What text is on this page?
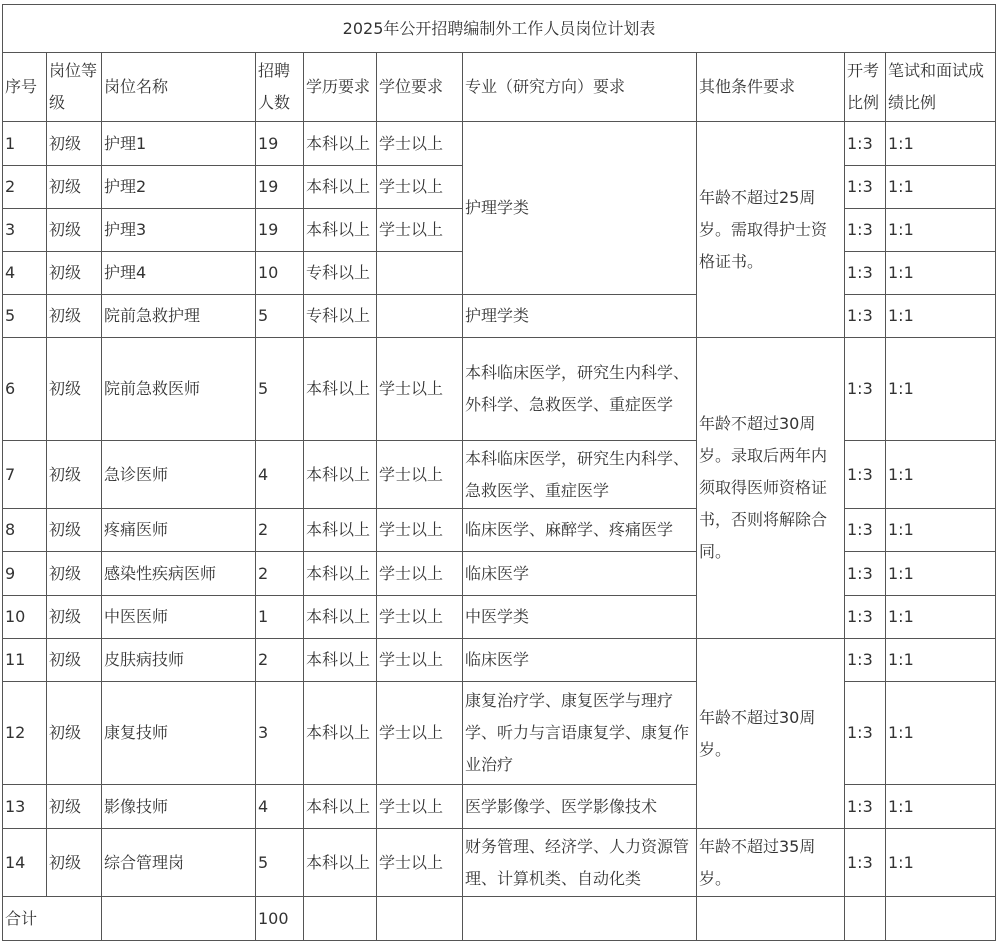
2025年公开招聘编制外工作人员岗位计划表									
序号	岗位等级	岗位名称	招聘人数	学历要求	学位要求	专业（研究方向）要求	其他条件要求	开考比例	笔试和面试成绩比例
1	初级	护理1	19	本科以上	学士以上	护理学类	年龄不超过25周岁。需取得护士资格证书。	1:3	1:1
2	初级	护理2	19	本科以上	学士以上			1:3	1:1
3	初级	护理3	19	本科以上	学士以上			1:3	1:1
4	初级	护理4	10	专科以上				1:3	1:1
5	初级	院前急救护理	5	专科以上		护理学类		1:3	1:1
6	初级	院前急救医师	5	本科以上	学士以上	本科临床医学，研究生内科学、外科学、急救医学、重症医学	年龄不超过30周岁。录取后两年内须取得医师资格证书，否则将解除合同。	1:3	1:1
7	初级	急诊医师	4	本科以上	学士以上	本科临床医学，研究生内科学、急救医学、重症医学		1:3	1:1
8	初级	疼痛医师	2	本科以上	学士以上	临床医学、麻醉学、疼痛医学		1:3	1:1
9	初级	感染性疾病医师	2	本科以上	学士以上	临床医学		1:3	1:1
10	初级	中医医师	1	本科以上	学士以上	中医学类		1:3	1:1
11	初级	皮肤病技师	2	本科以上	学士以上	临床医学	年龄不超过30周岁。	1:3	1:1
12	初级	康复技师	3	本科以上	学士以上	康复治疗学、康复医学与理疗学、听力与言语康复学、康复作业治疗		1:3	1:1
13	初级	影像技师	4	本科以上	学士以上	医学影像学、医学影像技术		1:3	1:1
14	初级	综合管理岗	5	本科以上	学士以上	财务管理、经济学、人力资源管理、计算机类、自动化类	年龄不超过35周岁。	1:3	1:1
合计			100						
